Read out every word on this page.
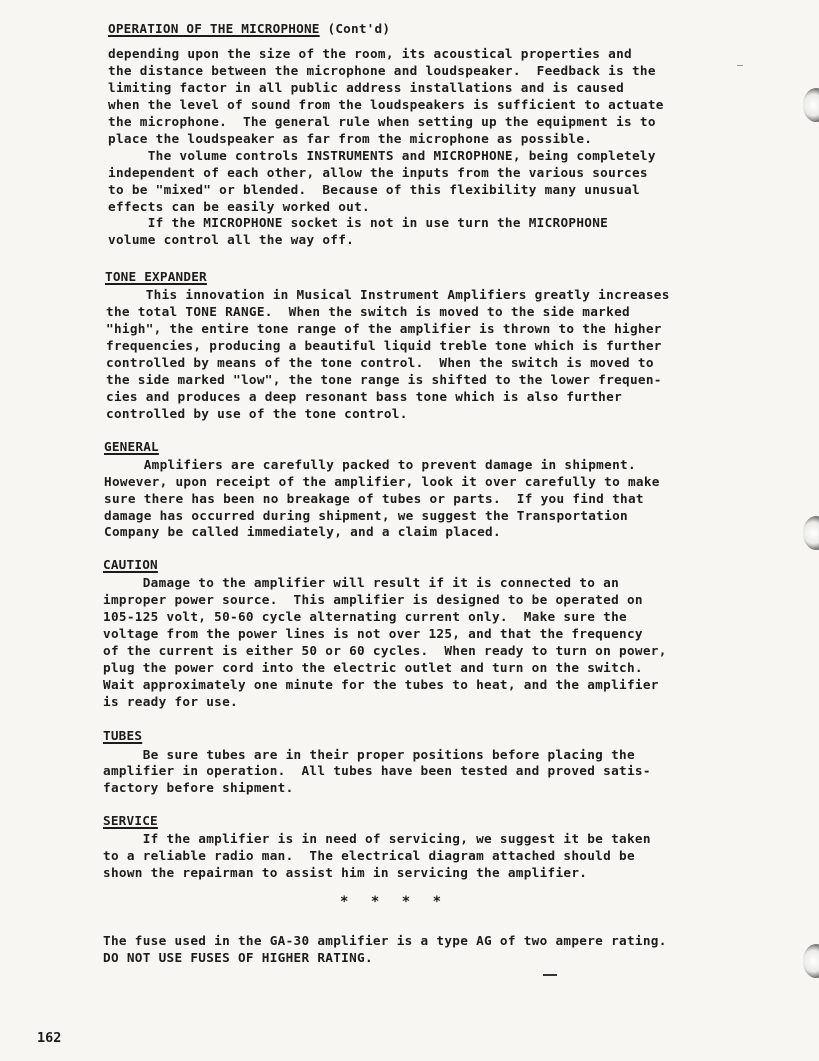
OPERATION OF THE MICROPHONE (Cont'd)
depending upon the size of the room, its acoustical properties and
the distance between the microphone and loudspeaker.  Feedback is the
limiting factor in all public address installations and is caused
when the level of sound from the loudspeakers is sufficient to actuate
the microphone.  The general rule when setting up the equipment is to
place the loudspeaker as far from the microphone as possible.
The volume controls INSTRUMENTS and MICROPHONE, being completely
independent of each other, allow the inputs from the various sources
to be "mixed" or blended.  Because of this flexibility many unusual
effects can be easily worked out.
If the MICROPHONE socket is not in use turn the MICROPHONE
volume control all the way off.
TONE EXPANDER
This innovation in Musical Instrument Amplifiers greatly increases
the total TONE RANGE.  When the switch is moved to the side marked
"high", the entire tone range of the amplifier is thrown to the higher
frequencies, producing a beautiful liquid treble tone which is further
controlled by means of the tone control.  When the switch is moved to
the side marked "low", the tone range is shifted to the lower frequen-
cies and produces a deep resonant bass tone which is also further
controlled by use of the tone control.
GENERAL
Amplifiers are carefully packed to prevent damage in shipment.
However, upon receipt of the amplifier, look it over carefully to make
sure there has been no breakage of tubes or parts.  If you find that
damage has occurred during shipment, we suggest the Transportation
Company be called immediately, and a claim placed.
CAUTION
Damage to the amplifier will result if it is connected to an
improper power source.  This amplifier is designed to be operated on
105-125 volt, 50-60 cycle alternating current only.  Make sure the
voltage from the power lines is not over 125, and that the frequency
of the current is either 50 or 60 cycles.  When ready to turn on power,
plug the power cord into the electric outlet and turn on the switch.
Wait approximately one minute for the tubes to heat, and the amplifier
is ready for use.
TUBES
Be sure tubes are in their proper positions before placing the
amplifier in operation.  All tubes have been tested and proved satis-
factory before shipment.
SERVICE
If the amplifier is in need of servicing, we suggest it be taken
to a reliable radio man.  The electrical diagram attached should be
shown the repairman to assist him in servicing the amplifier.
* * * *
The fuse used in the GA-30 amplifier is a type AG of two ampere rating.
DO NOT USE FUSES OF HIGHER RATING.
162
